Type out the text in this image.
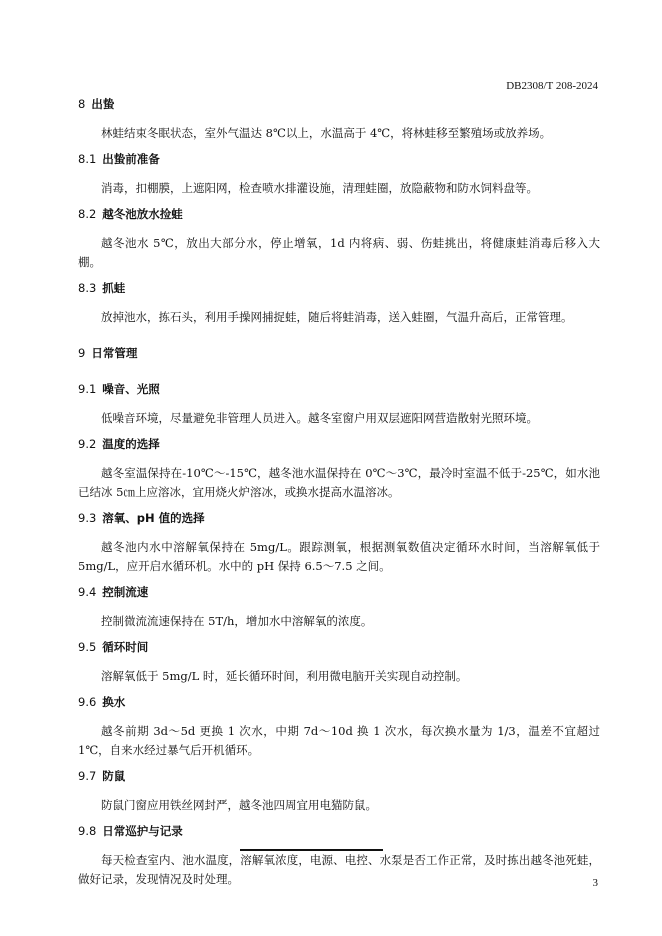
DB2308/T 208-2024
8 出蛰

林蛙结束冬眠状态，室外气温达 8℃以上，水温高于 4℃，将林蛙移至繁殖场或放养场。

8.1 出蛰前准备

消毒，扣棚膜，上遮阳网，检查喷水排灌设施，清理蛙圈，放隐蔽物和防水饲料盘等。

8.2 越冬池放水捡蛙

越冬池水 5℃，放出大部分水，停止增氧，1d 内将病、弱、伤蛙挑出，将健康蛙消毒后移入大棚。

8.3 抓蛙

放掉池水，拣石头，利用手操网捕捉蛙，随后将蛙消毒，送入蛙圈，气温升高后，正常管理。

9 日常管理
9.1 噪音、光照

低噪音环境，尽量避免非管理人员进入。越冬室窗户用双层遮阳网营造散射光照环境。

9.2 温度的选择

越冬室温保持在-10℃～-15℃，越冬池水温保持在 0℃～3℃，最冷时室温不低于-25℃，如水池已结冰 5㎝上应溶冰，宜用烧火炉溶冰，或换水提高水温溶冰。

9.3 溶氧、pH 值的选择

越冬池内水中溶解氧保持在 5mg/L。跟踪测氧，根据测氧数值决定循环水时间，当溶解氧低于 5mg/L，应开启水循环机。水中的 pH 保持 6.5～7.5 之间。

9.4 控制流速

控制微流流速保持在 5T/h，增加水中溶解氧的浓度。

9.5 循环时间

溶解氧低于 5mg/L 时，延长循环时间，利用微电脑开关实现自动控制。

9.6 换水

越冬前期 3d～5d 更换 1 次水，中期 7d～10d 换 1 次水，每次换水量为 1/3，温差不宜超过 1℃，自来水经过暴气后开机循环。

9.7 防鼠

防鼠门窗应用铁丝网封严，越冬池四周宜用电猫防鼠。

9.8 日常巡护与记录

每天检查室内、池水温度，溶解氧浓度，电源、电控、水泵是否工作正常，及时拣出越冬池死蛙，做好记录，发现情况及时处理。	3
